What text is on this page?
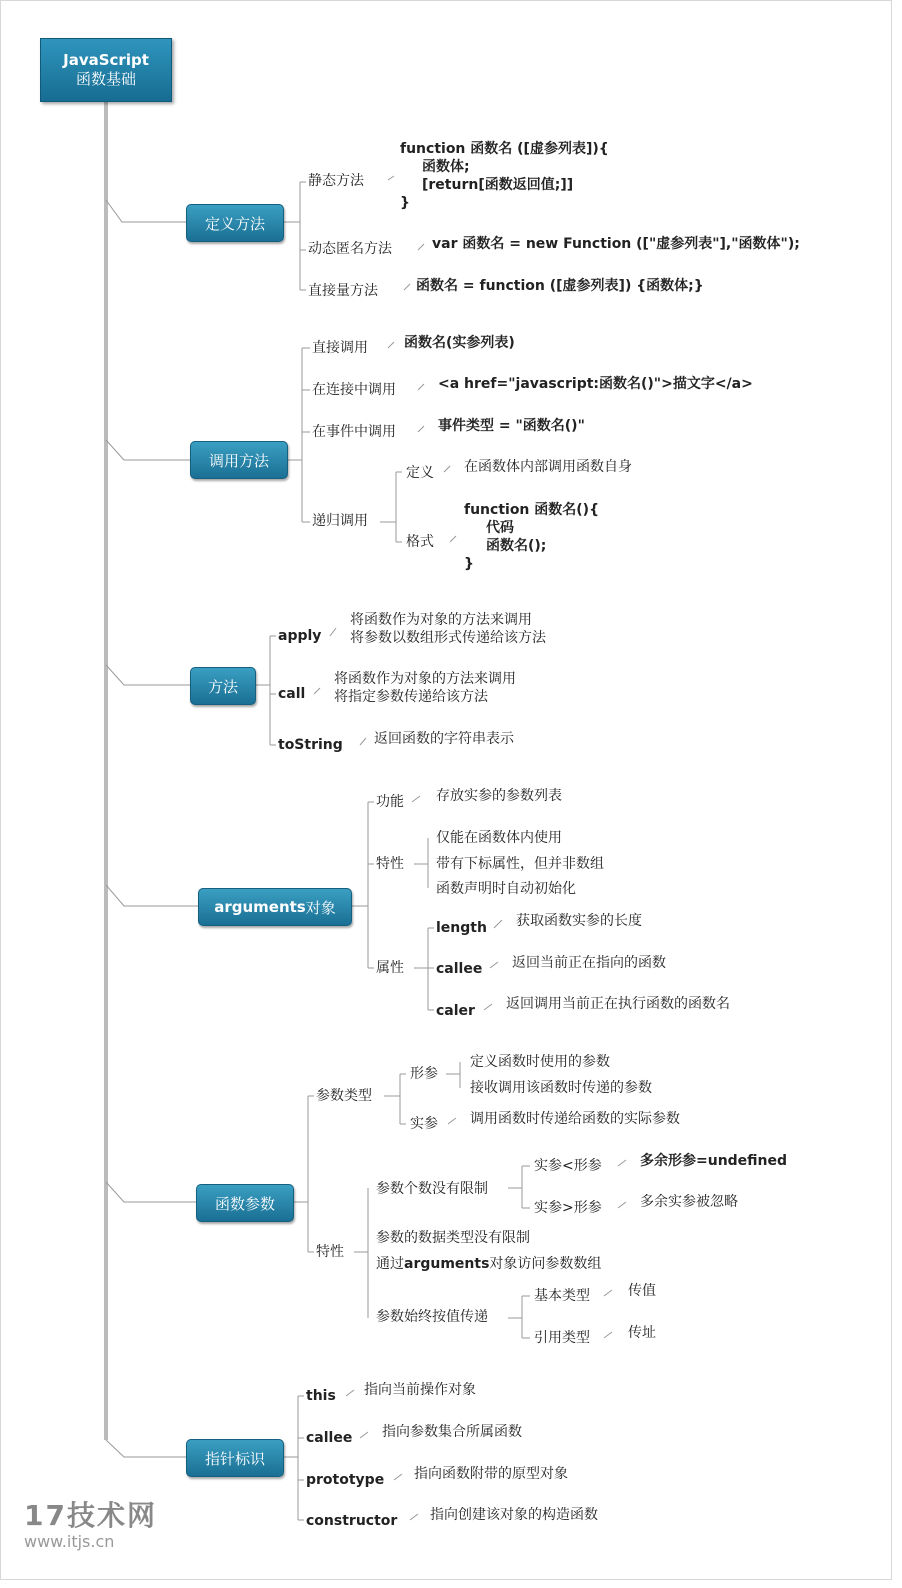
JavaScript
函数基础
定义方法
静态方法
function 函数名 ([虚参列表]){
函数体;
[return[函数返回值;]]
}
动态匿名方法	var 函数名 = new Function (["虚参列表"],"函数体");
直接量方法	函数名 = function ([虚参列表]) {函数体;}
调用方法
直接调用	函数名(实参列表)
在连接中调用	<a href="javascript:函数名()">描文字</a>
在事件中调用	事件类型 = "函数名()"
递归调用
定义 在函数体内部调用函数自身
格式
function 函数名(){
代码
函数名();
}
方法
apply
将函数作为对象的方法来调用
将参数以数组形式传递给该方法
call
将函数作为对象的方法来调用
将指定参数传递给该方法
toString 返回函数的字符串表示
arguments 对象
功能 存放实参的参数列表
特性
仅能在函数体内使用
带有下标属性，但并非数组
函数声明时自动初始化
属性
length 获取函数实参的长度
callee 返回当前正在指向的函数
caler 返回调用当前正在执行函数的函数名
函数参数
参数类型
形参
定义函数时使用的参数
接收调用该函数时传递的参数
实参 调用函数时传递给函数的实际参数
特性
参数个数没有限制
实参<形参	多余形参=undefined
实参>形参	多余实参被忽略
参数的数据类型没有限制
通过arguments对象访问参数数组
参数始终按值传递
基本类型	传值
引用类型	传址
指针标识
this 指向当前操作对象
callee 指向参数集合所属函数
prototype 指向函数附带的原型对象
constructor 指向创建该对象的构造函数
17技术网
www.itjs.cn
